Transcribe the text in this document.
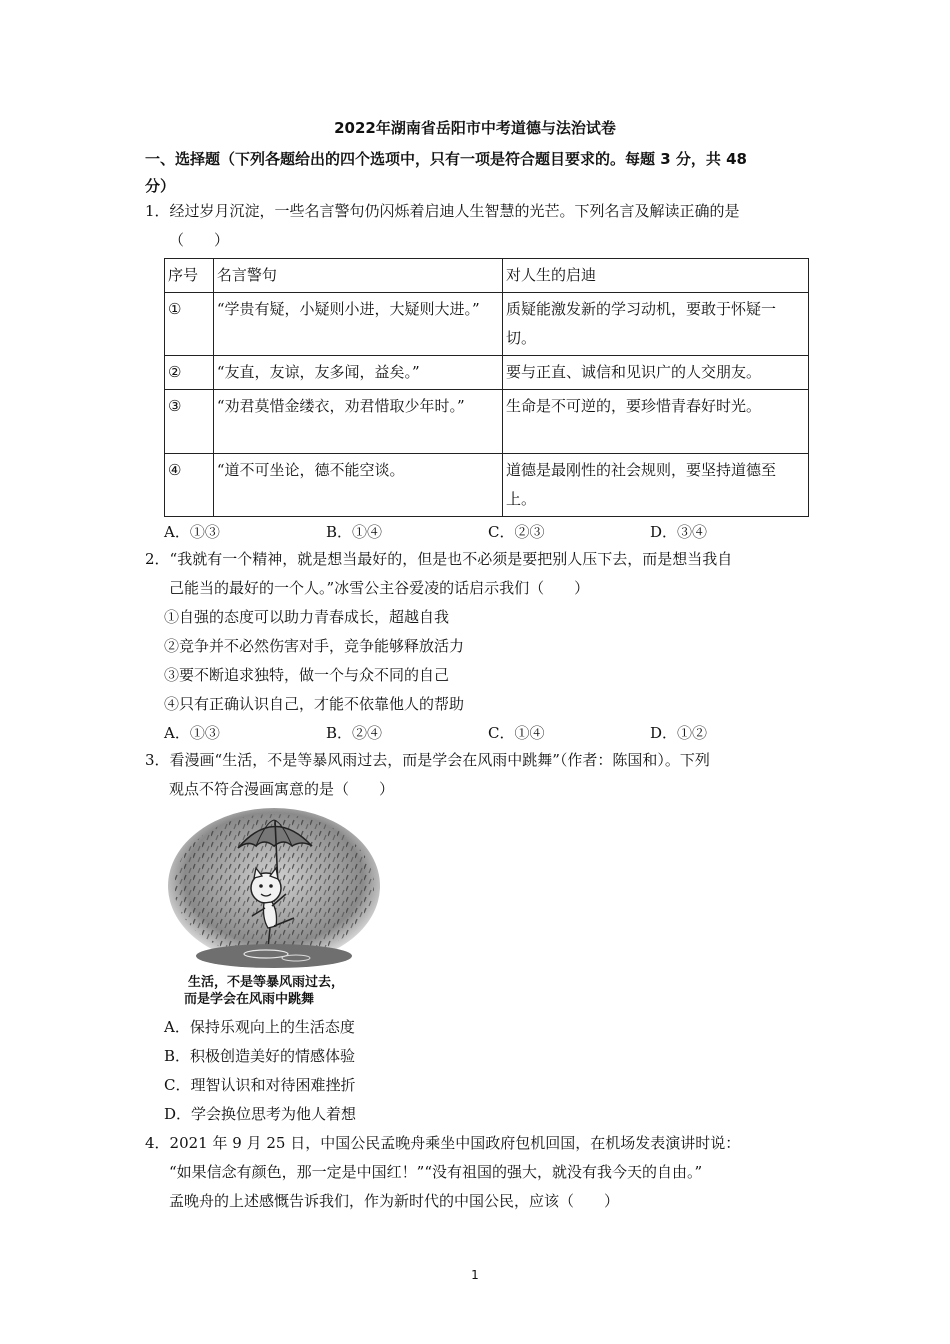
2022年湖南省岳阳市中考道德与法治试卷
一、选择题（下列各题给出的四个选项中，只有一项是符合题目要求的。每题 3 分，共 48
分）
1．经过岁月沉淀，一些名言警句仍闪烁着启迪人生智慧的光芒。下列名言及解读正确的是
（　　）
序号	名言警句	对人生的启迪
①	“学贵有疑，小疑则小进，大疑则大进。”	质疑能激发新的学习动机，要敢于怀疑一切。
②	“友直，友谅，友多闻，益矣。”	要与正直、诚信和见识广的人交朋友。
③	“劝君莫惜金缕衣，劝君惜取少年时。”	生命是不可逆的，要珍惜青春好时光。
④	“道不可坐论，德不能空谈。	道德是最刚性的社会规则，要坚持道德至上。
A．①③	B．①④	C．②③	D．③④
2．“我就有一个精神，就是想当最好的，但是也不必须是要把别人压下去，而是想当我自
己能当的最好的一个人。”冰雪公主谷爱凌的话启示我们（　　）
①自强的态度可以助力青春成长，超越自我
②竞争并不必然伤害对手，竞争能够释放活力
③要不断追求独特，做一个与众不同的自己
④只有正确认识自己，才能不依靠他人的帮助
A．①③	B．②④	C．①④	D．①②
3．看漫画“生活，不是等暴风雨过去，而是学会在风雨中跳舞”（作者：陈国和）。下列
观点不符合漫画寓意的是（　　）
生活，不是等暴风雨过去，
而是学会在风雨中跳舞
A．保持乐观向上的生活态度
B．积极创造美好的情感体验
C．理智认识和对待困难挫折
D．学会换位思考为他人着想
4．2021 年 9 月 25 日，中国公民孟晚舟乘坐中国政府包机回国，在机场发表演讲时说：
“如果信念有颜色，那一定是中国红！”“没有祖国的强大，就没有我今天的自由。”
孟晚舟的上述感慨告诉我们，作为新时代的中国公民，应该（　　）
1
